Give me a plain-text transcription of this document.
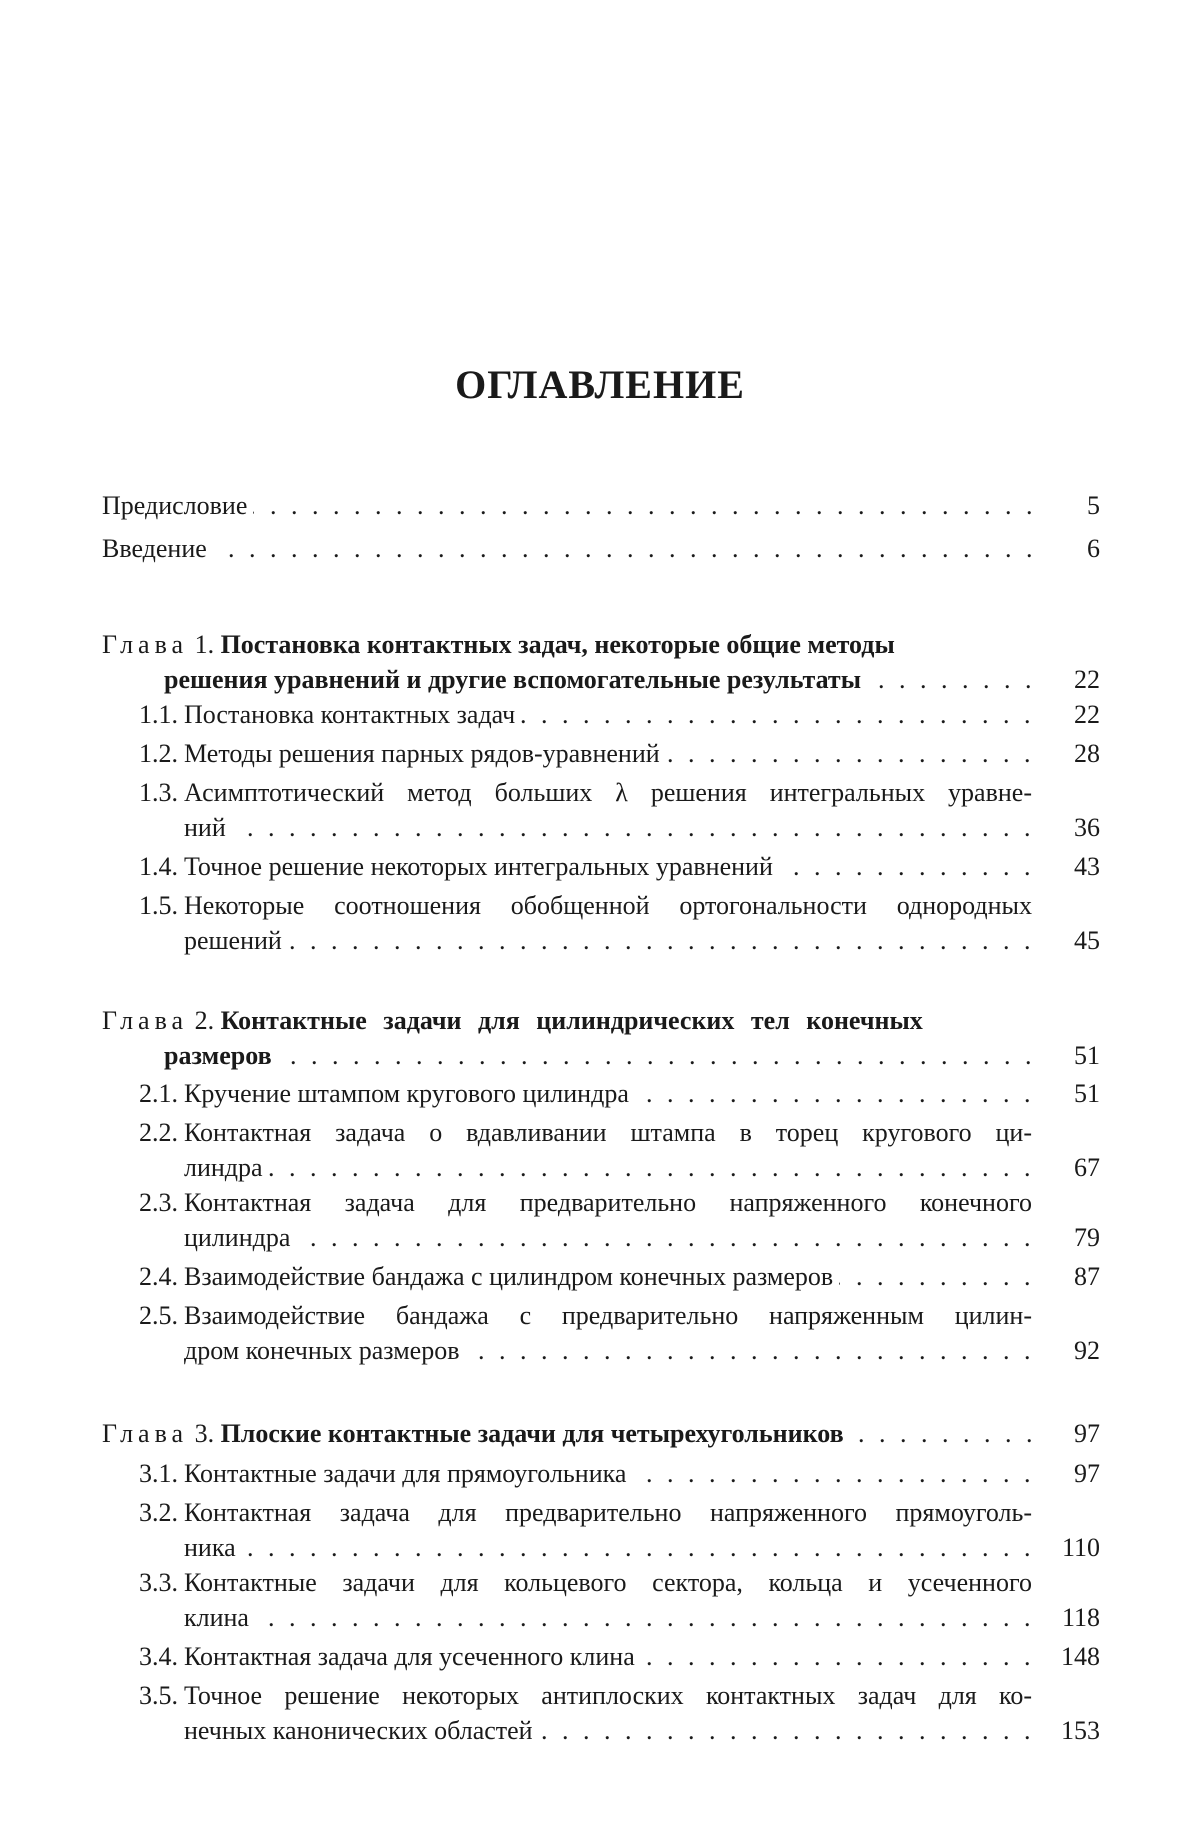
ОГЛАВЛЕНИЕ
Предисловие . . .	5
Введение . . .	6
Глава 1. Постановка контактных задач, некоторые общие методы
решения уравнений и другие вспомогательные результаты . . .	22
1.1. Постановка контактных задач . . .	22
1.2. Методы решения парных рядов-уравнений . . .	28
1.3. Асимптотический метод больших λ решения интегральных уравне-
ний . . .	36
1.4. Точное решение некоторых интегральных уравнений . . .	43
1.5. Некоторые соотношения обобщенной ортогональности однородных
решений . . .	45
Глава 2. Контактные задачи для цилиндрических тел конечных
размеров . . .	51
2.1. Кручение штампом кругового цилиндра . . .	51
2.2. Контактная задача о вдавливании штампа в торец кругового ци-
линдра . . .	67
2.3. Контактная задача для предварительно напряженного конечного
цилиндра . . .	79
2.4. Взаимодействие бандажа с цилиндром конечных размеров . . .	87
2.5. Взаимодействие бандажа с предварительно напряженным цилин-
дром конечных размеров . . .	92
Глава 3. Плоские контактные задачи для четырехугольников . . .	97
3.1. Контактные задачи для прямоугольника . . .	97
3.2. Контактная задача для предварительно напряженного прямоуголь-
ника . . .	110
3.3. Контактные задачи для кольцевого сектора, кольца и усеченного
клина . . .	118
3.4. Контактная задача для усеченного клина . . .	148
3.5. Точное решение некоторых антиплоских контактных задач для ко-
нечных канонических областей . . .	153
